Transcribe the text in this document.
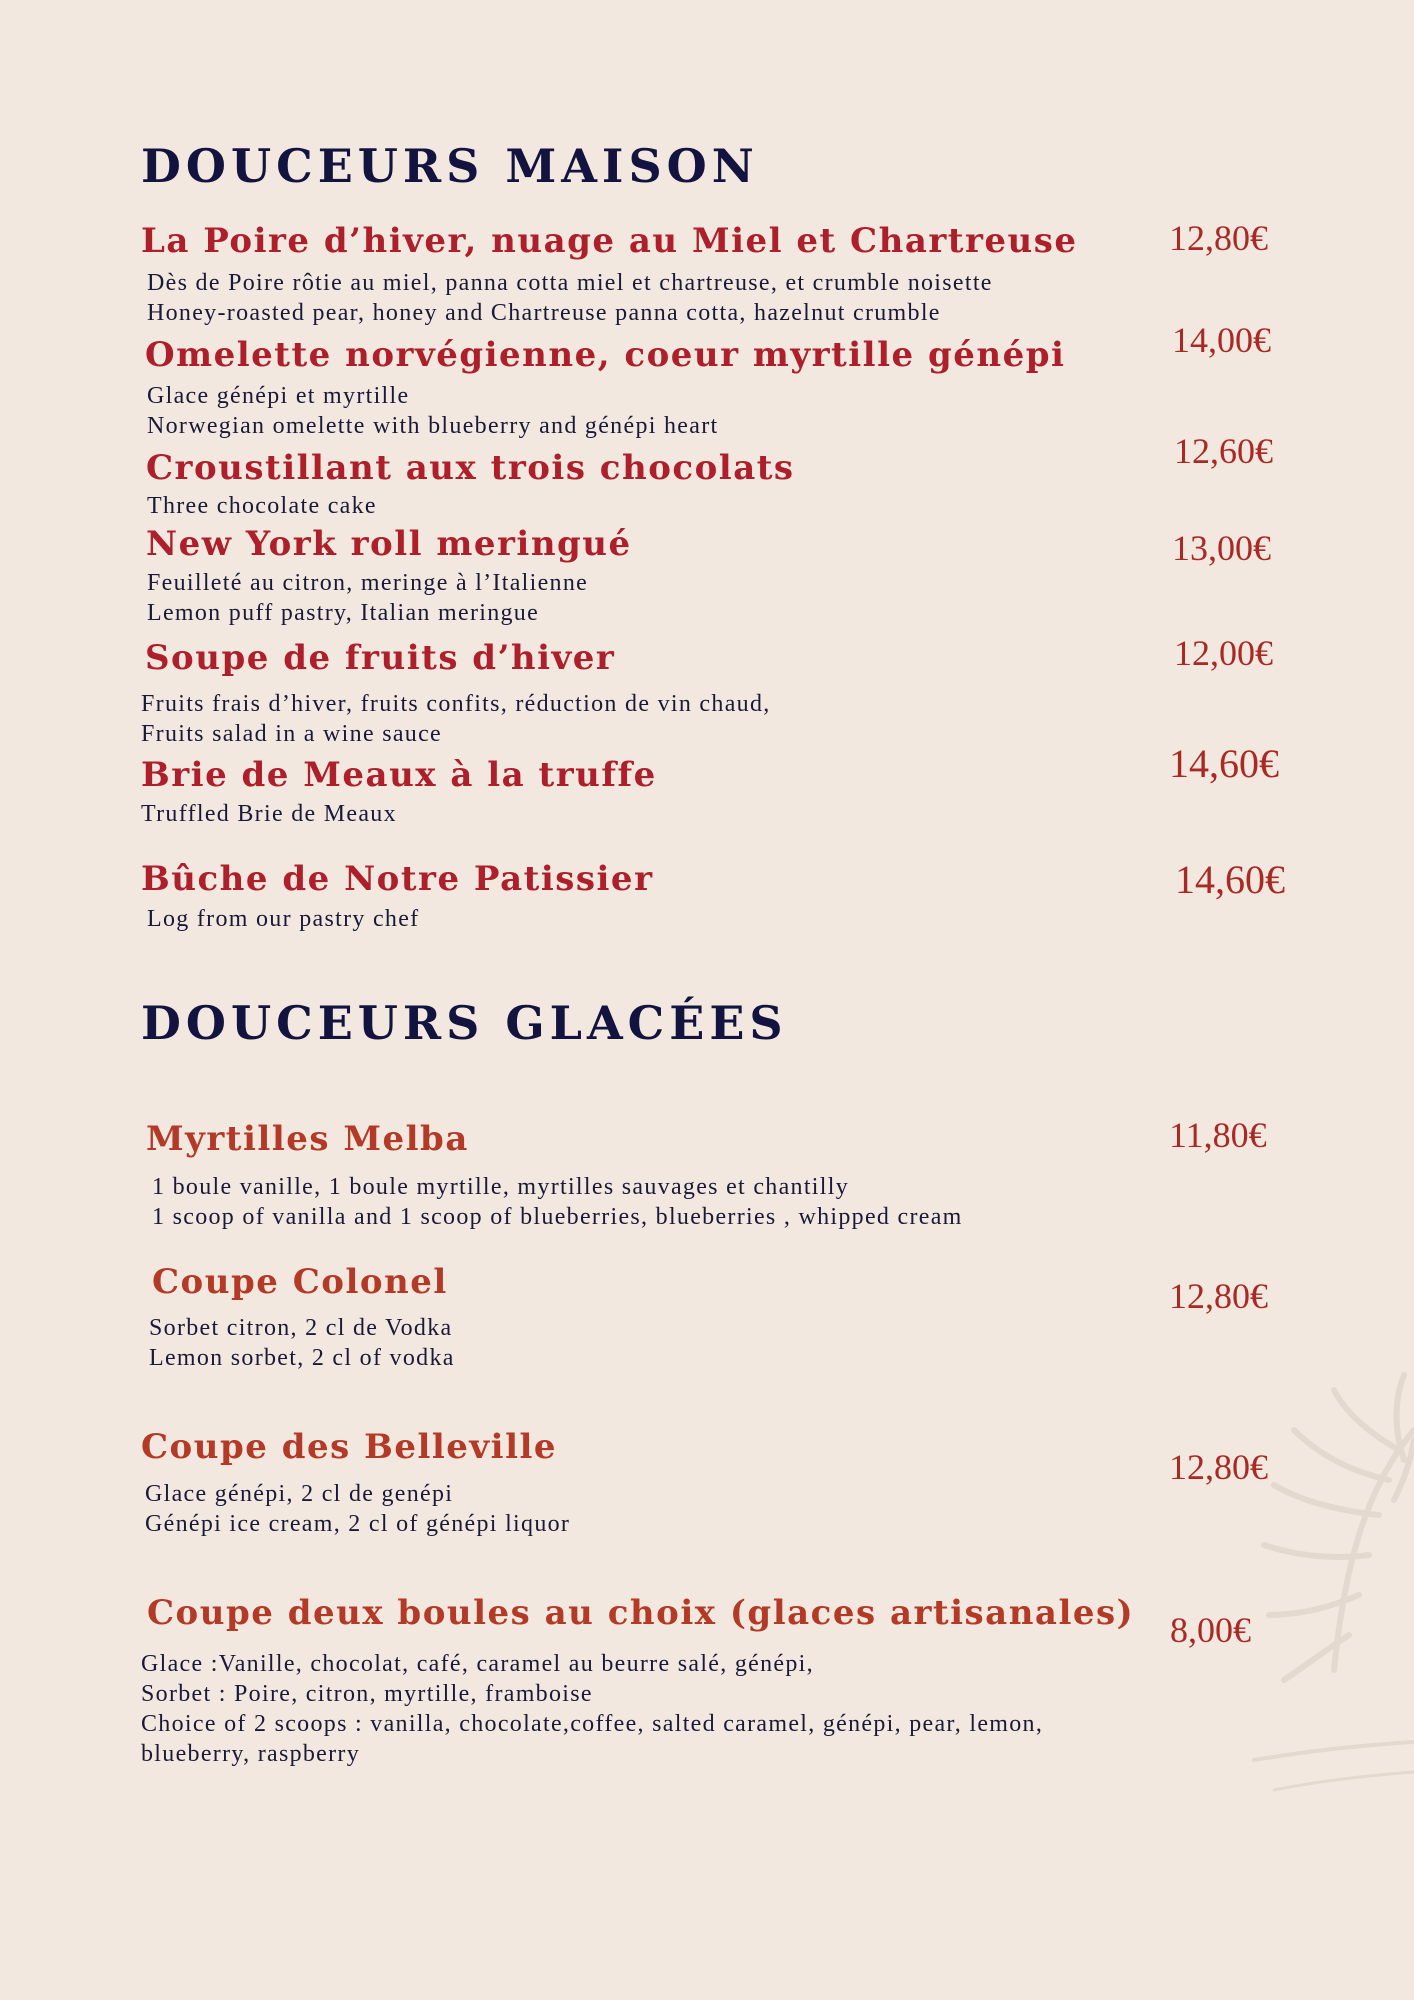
DOUCEURS MAISON
La Poire d’hiver, nuage au Miel et Chartreuse	12,80€
Dès de Poire rôtie au miel, panna cotta miel et chartreuse, et crumble noisette
Honey-roasted pear, honey and Chartreuse panna cotta, hazelnut crumble
Omelette norvégienne, coeur myrtille génépi	14,00€
Glace génépi et myrtille
Norwegian omelette with blueberry and génépi heart
Croustillant aux trois chocolats	12,60€
Three chocolate cake
New York roll meringué	13,00€
Feuilleté au citron, meringe à l’Italienne
Lemon puff pastry, Italian meringue
Soupe de fruits d’hiver	12,00€
Fruits frais d’hiver, fruits confits, réduction de vin chaud,
Fruits salad in a wine sauce
Brie de Meaux à la truffe	14,60€
Truffled Brie de Meaux
Bûche de Notre Patissier	14,60€
Log from our pastry chef
DOUCEURS GLACÉES
Myrtilles Melba	11,80€
1 boule vanille, 1 boule myrtille, myrtilles sauvages et chantilly
1 scoop of vanilla and 1 scoop of blueberries, blueberries , whipped cream
Coupe Colonel	12,80€
Sorbet citron, 2 cl de Vodka
Lemon sorbet, 2 cl of vodka
Coupe des Belleville	12,80€
Glace génépi, 2 cl de genépi
Génépi ice cream, 2 cl of génépi liquor
Coupe deux boules au choix (glaces artisanales) 8,00€
Glace :Vanille, chocolat, café, caramel au beurre salé, génépi,
Sorbet : Poire, citron, myrtille, framboise
Choice of 2 scoops : vanilla, chocolate,coffee, salted caramel, génépi, pear, lemon,
blueberry, raspberry
